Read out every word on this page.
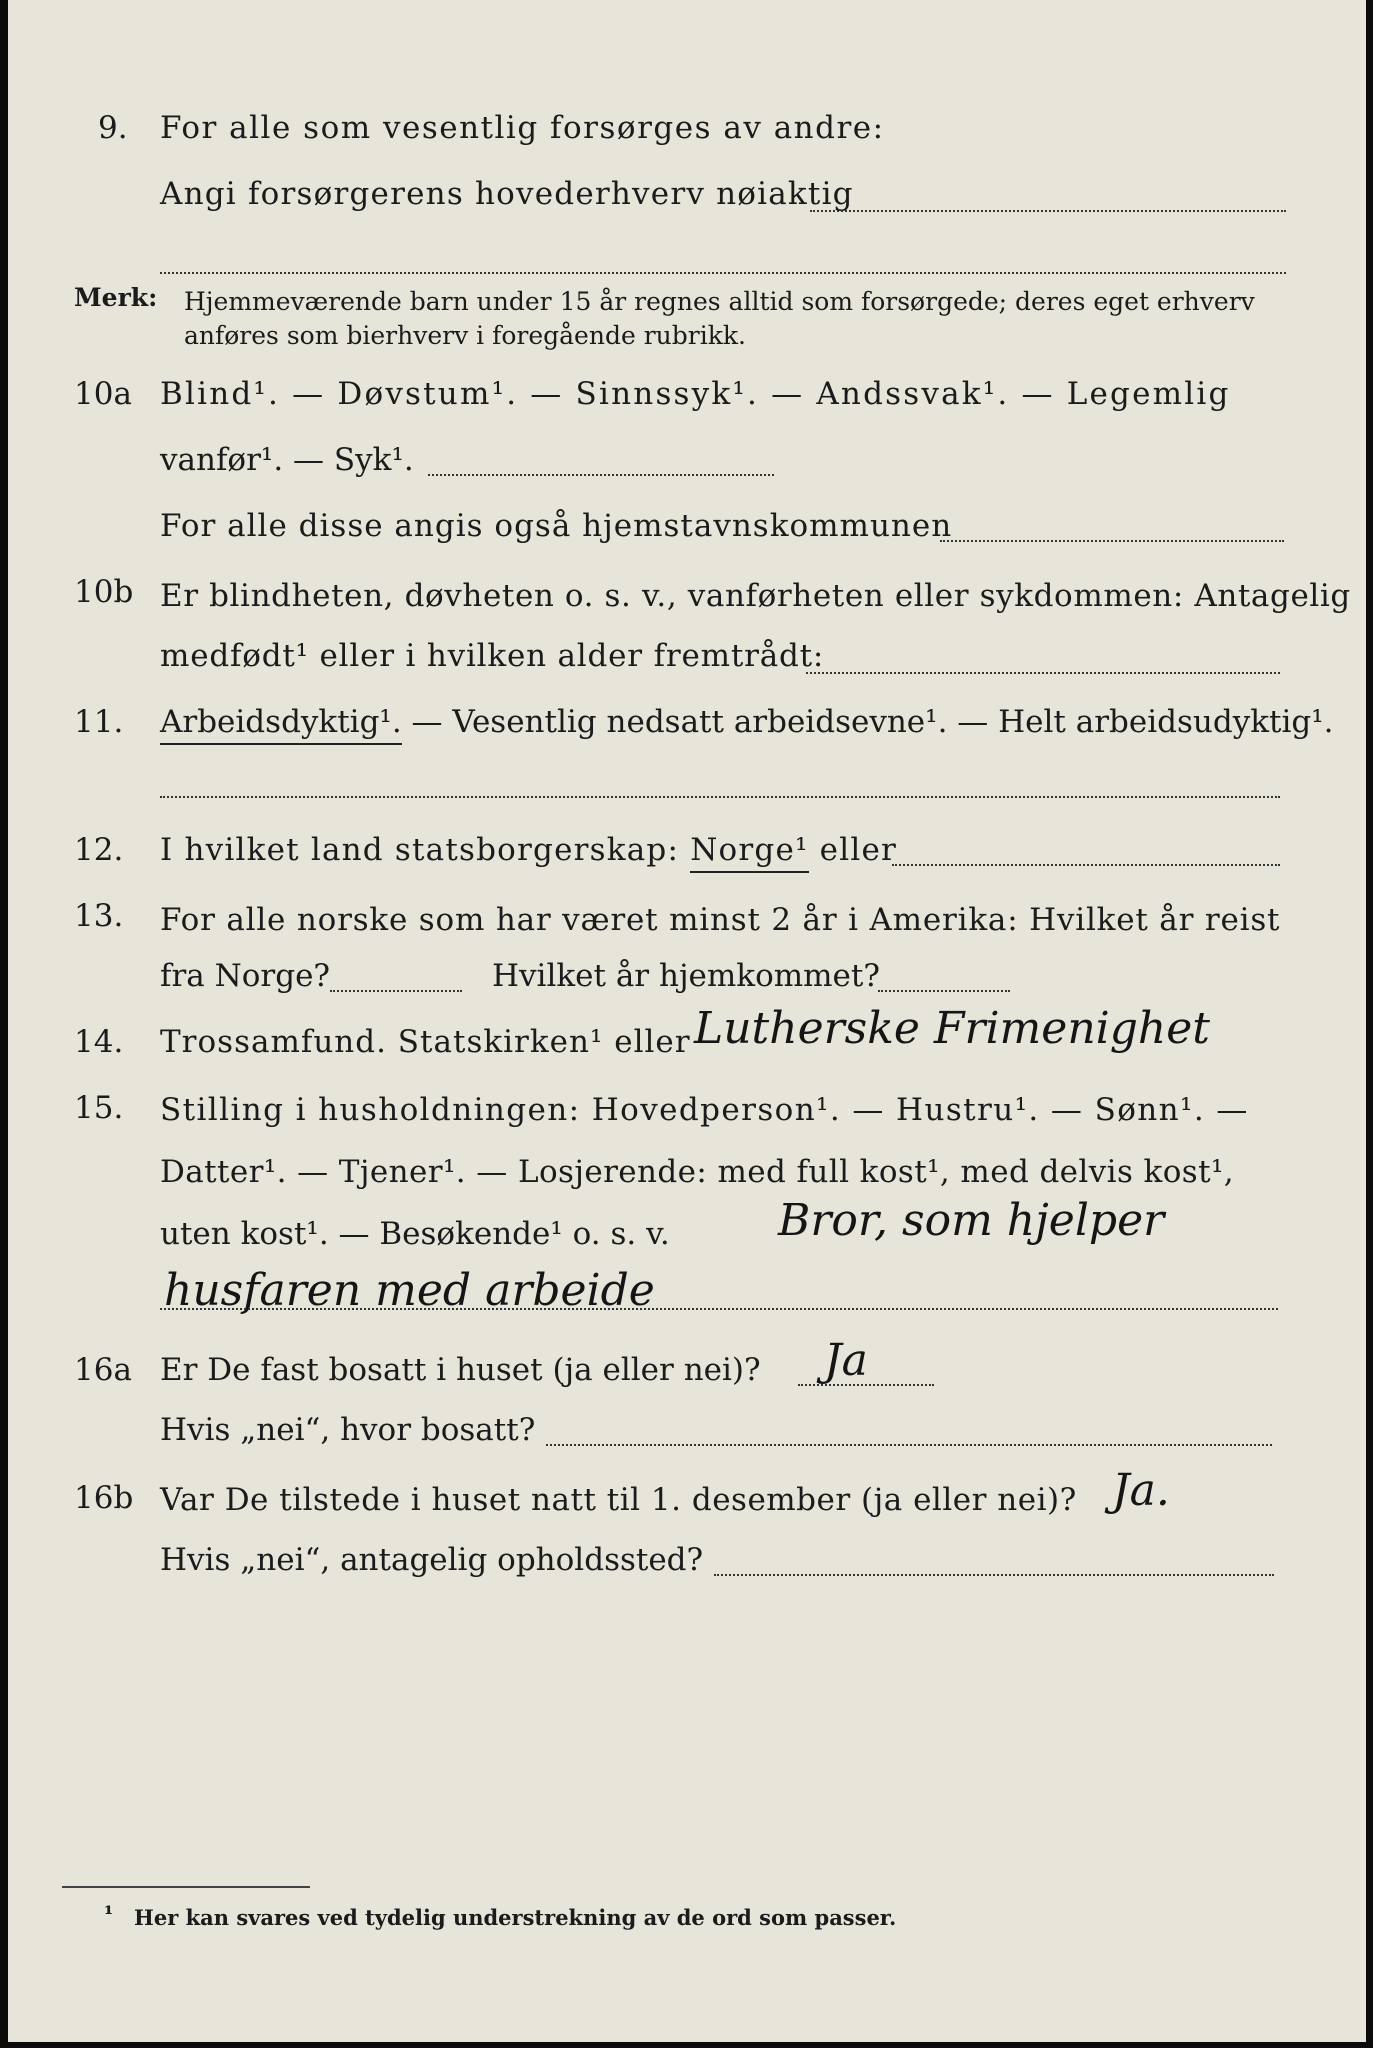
9. For alle som vesentlig forsørges av andre:
Angi forsørgerens hovederhverv nøiaktig
Merk: Hjemmeværende barn under 15 år regnes alltid som forsørgede; deres eget erhverv
anføres som bierhverv i foregående rubrikk.
10a Blind¹. — Døvstum¹. — Sinnssyk¹. — Andssvak¹. — Legemlig
vanfør¹. — Syk¹.
For alle disse angis også hjemstavnskommunen
10b Er blindheten, døvheten o. s. v., vanførheten eller sykdommen: Antagelig
medfødt¹ eller i hvilken alder fremtrådt:
11. Arbeidsdyktig¹. — Vesentlig nedsatt arbeidsevne¹. — Helt arbeidsudyktig¹.
12. I hvilket land statsborgerskap: Norge¹ eller
13. For alle norske som har været minst 2 år i Amerika: Hvilket år reist
fra Norge?	Hvilket år hjemkommet?
14. Trossamfund. Statskirken¹ eller Lutherske Frimenighet
15. Stilling i husholdningen: Hovedperson¹. — Hustru¹. — Sønn¹. —
Datter¹. — Tjener¹. — Losjerende: med full kost¹, med delvis kost¹,
uten kost¹. — Besøkende¹ o. s. v. Bror, som hjelper
husfaren med arbeide
16a Er De fast bosatt i huset (ja eller nei)? Ja
Hvis „nei“, hvor bosatt?
16b Var De tilstede i huset natt til 1. desember (ja eller nei)? Ja.
Hvis „nei“, antagelig opholdssted?
¹ Her kan svares ved tydelig understrekning av de ord som passer.
